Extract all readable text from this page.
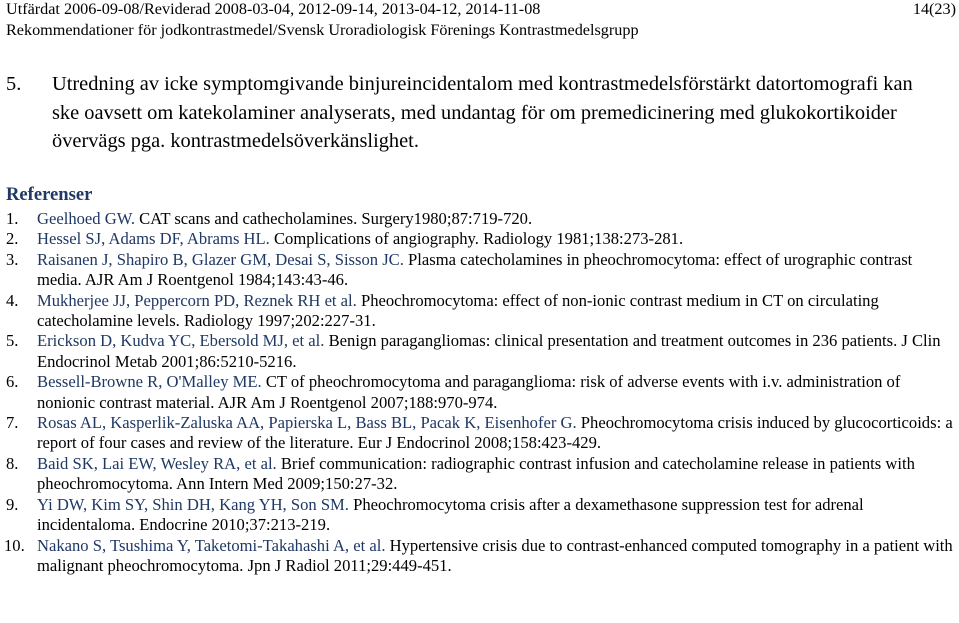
Utfärdat 2006-09-08/Reviderad 2008-03-04, 2012-09-14, 2013-04-12, 2014-11-08	14(23)
Rekommendationer för jodkontrastmedel/Svensk Uroradiologisk Förenings Kontrastmedelsgrupp
5. Utredning av icke symptomgivande binjureincidentalom med kontrastmedelsförstärkt datortomografi kan ske oavsett om katekolaminer analyserats, med undantag för om premedicinering med glukokortikoider övervägs pga. kontrastmedelsöverkänslighet.
Referenser
1. Geelhoed GW. CAT scans and cathecholamines. Surgery1980;87:719-720.
2. Hessel SJ, Adams DF, Abrams HL. Complications of angiography. Radiology 1981;138:273-281.
3. Raisanen J, Shapiro B, Glazer GM, Desai S, Sisson JC. Plasma catecholamines in pheochromocytoma: effect of urographic contrast media. AJR Am J Roentgenol 1984;143:43-46.
4. Mukherjee JJ, Peppercorn PD, Reznek RH et al. Pheochromocytoma: effect of non-ionic contrast medium in CT on circulating catecholamine levels. Radiology 1997;202:227-31.
5. Erickson D, Kudva YC, Ebersold MJ, et al. Benign paragangliomas: clinical presentation and treatment outcomes in 236 patients. J Clin Endocrinol Metab 2001;86:5210-5216.
6. Bessell-Browne R, O'Malley ME. CT of pheochromocytoma and paraganglioma: risk of adverse events with i.v. administration of nonionic contrast material. AJR Am J Roentgenol 2007;188:970-974.
7. Rosas AL, Kasperlik-Zaluska AA, Papierska L, Bass BL, Pacak K, Eisenhofer G. Pheochromocytoma crisis induced by glucocorticoids: a report of four cases and review of the literature. Eur J Endocrinol 2008;158:423-429.
8. Baid SK, Lai EW, Wesley RA, et al. Brief communication: radiographic contrast infusion and catecholamine release in patients with pheochromocytoma. Ann Intern Med 2009;150:27-32.
9. Yi DW, Kim SY, Shin DH, Kang YH, Son SM. Pheochromocytoma crisis after a dexamethasone suppression test for adrenal incidentaloma. Endocrine 2010;37:213-219.
10. Nakano S, Tsushima Y, Taketomi-Takahashi A, et al. Hypertensive crisis due to contrast-enhanced computed tomography in a patient with malignant pheochromocytoma. Jpn J Radiol 2011;29:449-451.
